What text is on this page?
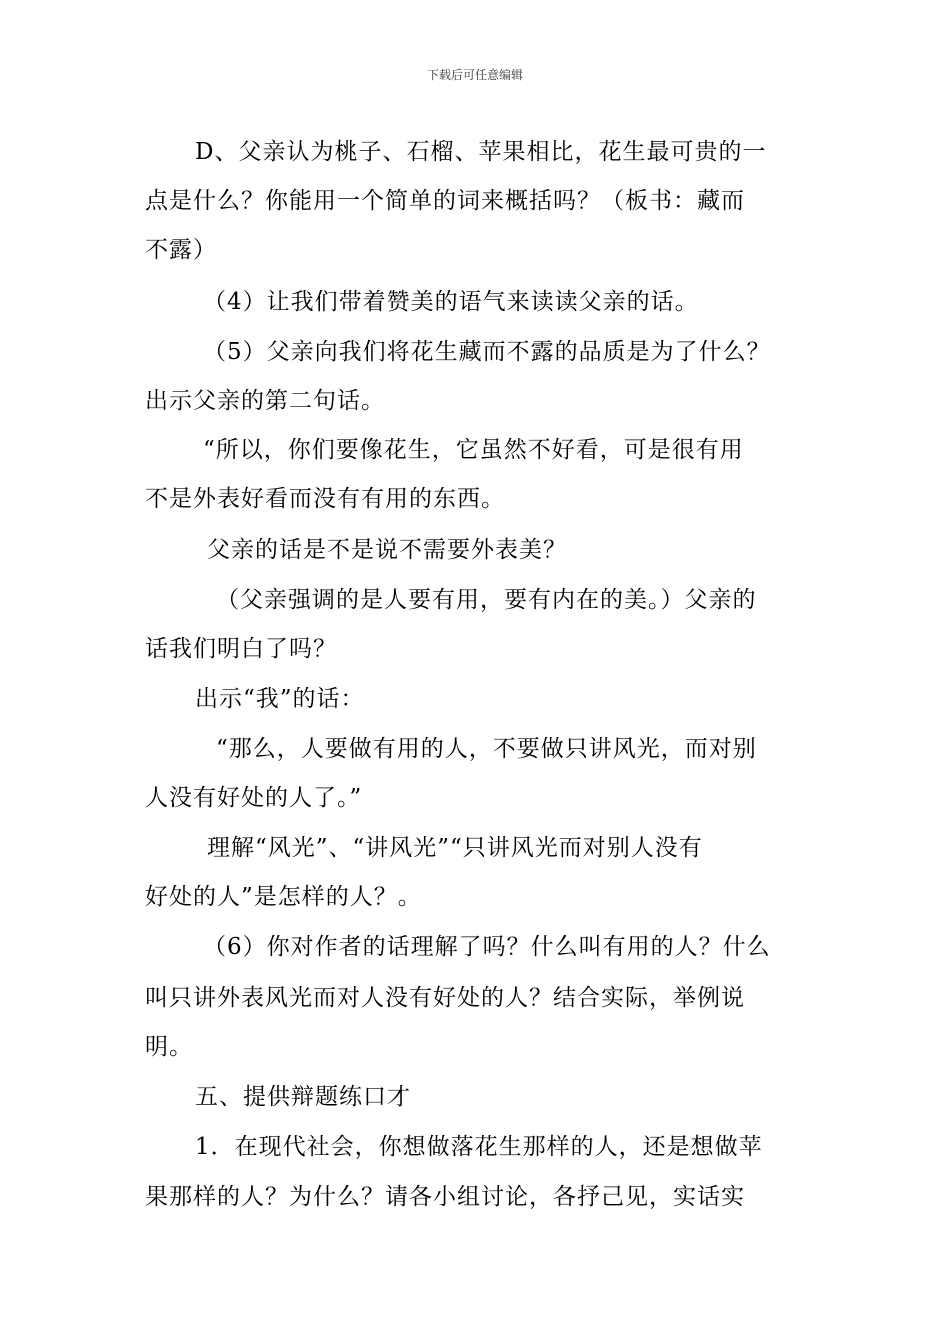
下载后可任意编辑
D、父亲认为桃子、石榴、苹果相比，花生最可贵的一
点是什么？你能用一个简单的词来概括吗？（板书：藏而
不露）
（4）让我们带着赞美的语气来读读父亲的话。
（5）父亲向我们将花生藏而不露的品质是为了什么？
出示父亲的第二句话。
“所以，你们要像花生，它虽然不好看，可是很有用
不是外表好看而没有有用的东西。
父亲的话是不是说不需要外表美？
（父亲强调的是人要有用，要有内在的美。）父亲的
话我们明白了吗？
出示“我”的话：
“那么，人要做有用的人，不要做只讲风光，而对别
人没有好处的人了。”
理解“风光”、“讲风光”“只讲风光而对别人没有
好处的人”是怎样的人？。
（6）你对作者的话理解了吗？什么叫有用的人？什么
叫只讲外表风光而对人没有好处的人？结合实际，举例说
明。
五、提供辩题练口才
1．在现代社会，你想做落花生那样的人，还是想做苹
果那样的人？为什么？请各小组讨论，各抒己见，实话实
